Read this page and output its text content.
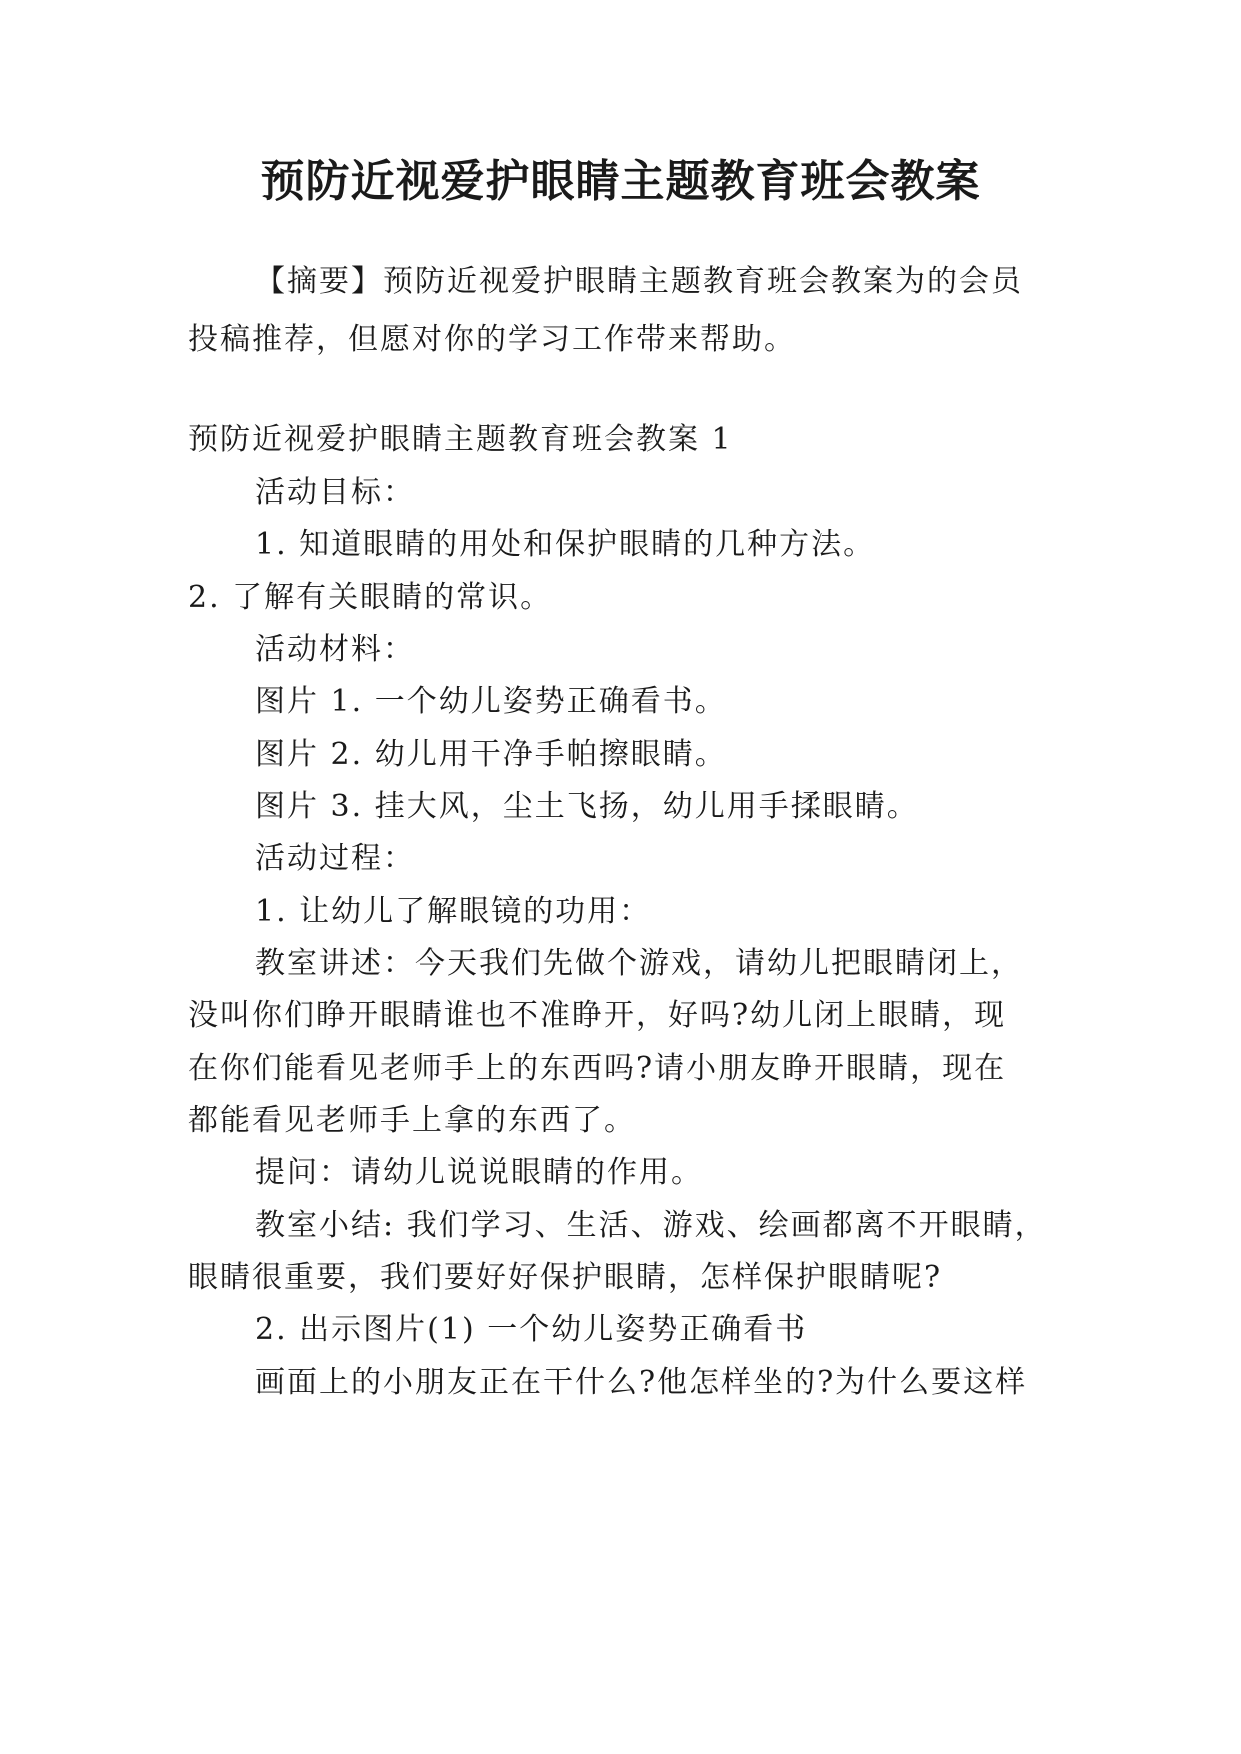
预防近视爱护眼睛主题教育班会教案
【摘要】预防近视爱护眼睛主题教育班会教案为的会员
投稿推荐，但愿对你的学习工作带来帮助。
预防近视爱护眼睛主题教育班会教案 1
活动目标：
1. 知道眼睛的用处和保护眼睛的几种方法。
2. 了解有关眼睛的常识。
活动材料：
图片 1. 一个幼儿姿势正确看书。
图片 2. 幼儿用干净手帕擦眼睛。
图片 3. 挂大风，尘土飞扬，幼儿用手揉眼睛。
活动过程：
1. 让幼儿了解眼镜的功用：
教室讲述：今天我们先做个游戏，请幼儿把眼睛闭上，
没叫你们睁开眼睛谁也不准睁开，好吗?幼儿闭上眼睛，现
在你们能看见老师手上的东西吗?请小朋友睁开眼睛，现在
都能看见老师手上拿的东西了。
提问：请幼儿说说眼睛的作用。
教室小结: 我们学习、生活、游戏、绘画都离不开眼睛，
眼睛很重要，我们要好好保护眼睛，怎样保护眼睛呢?
2. 出示图片(1) 一个幼儿姿势正确看书
画面上的小朋友正在干什么?他怎样坐的?为什么要这样
